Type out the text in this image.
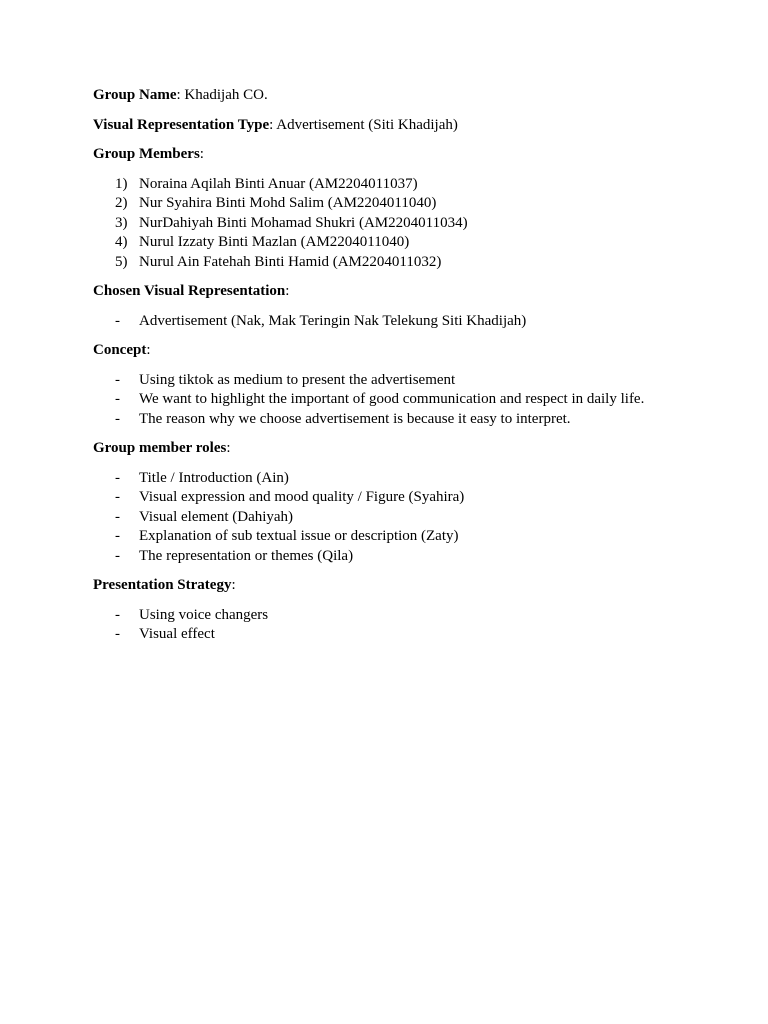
Group Name: Khadijah CO.

Visual Representation Type: Advertisement (Siti Khadijah)

Group Members:

1) Noraina Aqilah Binti Anuar (AM2204011037)
2) Nur Syahira Binti Mohd Salim (AM2204011040)
3) NurDahiyah Binti Mohamad Shukri (AM2204011034)
4) Nurul Izzaty Binti Mazlan (AM2204011040)
5) Nurul Ain Fatehah Binti Hamid (AM2204011032)

Chosen Visual Representation:

- Advertisement (Nak, Mak Teringin Nak Telekung Siti Khadijah)

Concept:

- Using tiktok as medium to present the advertisement
- We want to highlight the important of good communication and respect in daily life.
- The reason why we choose advertisement is because it easy to interpret.

Group member roles:

- Title / Introduction (Ain)
- Visual expression and mood quality / Figure (Syahira)
- Visual element (Dahiyah)
- Explanation of sub textual issue or description (Zaty)
- The representation or themes (Qila)

Presentation Strategy:

- Using voice changers
- Visual effect
